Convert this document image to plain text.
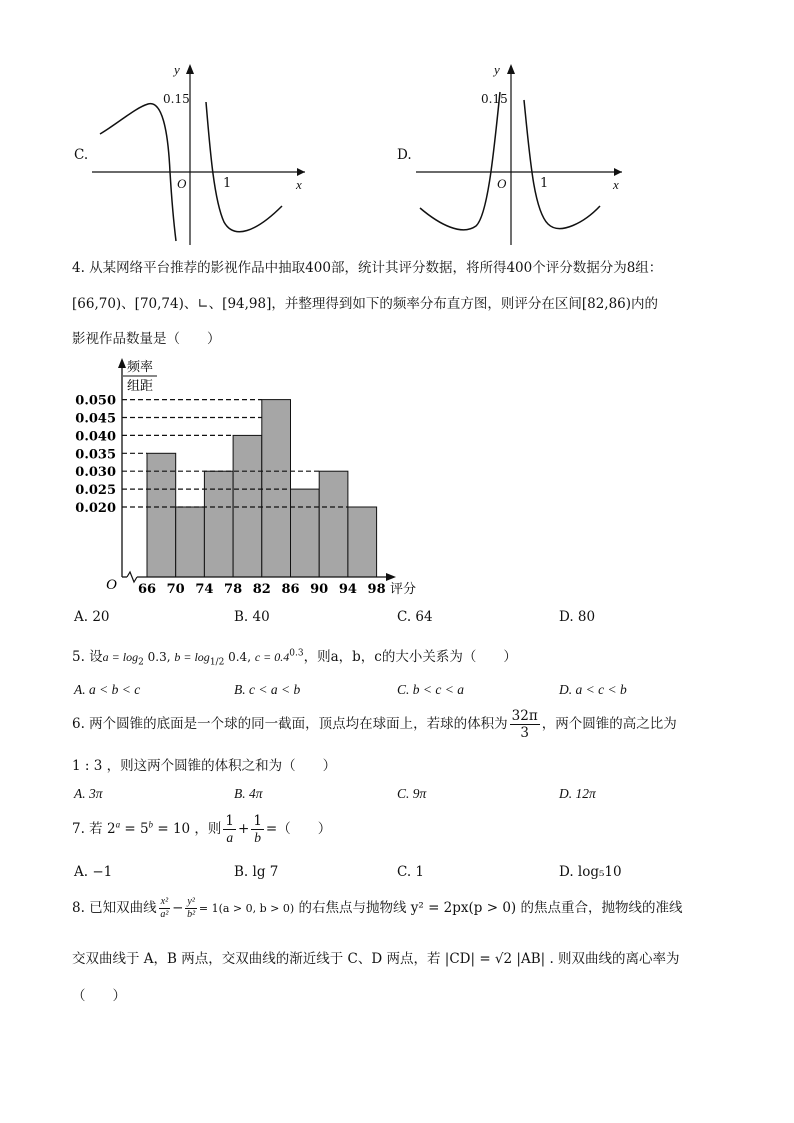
C.
y
x
O	1
0.15
D.
y
x
O	1
0.15
4. 从某网络平台推荐的影视作品中抽取400部，统计其评分数据，将所得400个评分数据分为8组：
[66,70)、[70,74)、∟、[94,98]，并整理得到如下的频率分布直方图，则评分在区间[82,86)内的
影视作品数量是（　　）
0.050
0.045
0.040
0.035
0.030
0.025
0.020
66 70 74 78 82 86 90 94 98 评分
O
频率
组距
A. 20	B. 40	C. 64	D. 80
5. 设$a = \log_2 0.3$, $b = \log_{1/2} 0.4$, $c = 0.4^{0.3}$，则a，b，c的大小关系为（　　）
A. a < b < c	B. c < a < b	C. b < c < a	D. a < c < b
6. 两个圆锥的底面是一个球的同一截面，顶点均在球面上，若球的体积为 $\frac{32\pi}{3}$ ，两个圆锥的高之比为
1 : 3 ，则这两个圆锥的体积之和为（　　）
A. 3π	B. 4π	C. 9π	D. 12π
7. 若 $2^a = 5^b = 10$ ，则 $\frac{1}{a} + \frac{1}{b}$ =（　　）
A. −1	B. lg 7	C. 1	D. log₅10
8. 已知双曲线 $\frac{\text{x²}}{\text{a²}} - \frac{\text{y²}}{\text{b²}} = 1(a > 0$, b > 0) 的右焦点与抛物线 y² = 2px(p > 0) 的焦点重合，抛物线的准线
交双曲线于 A，B 两点，交双曲线的渐近线于 C、D 两点，若 |CD| = √2 |AB| . 则双曲线的离心率为
（　　）
